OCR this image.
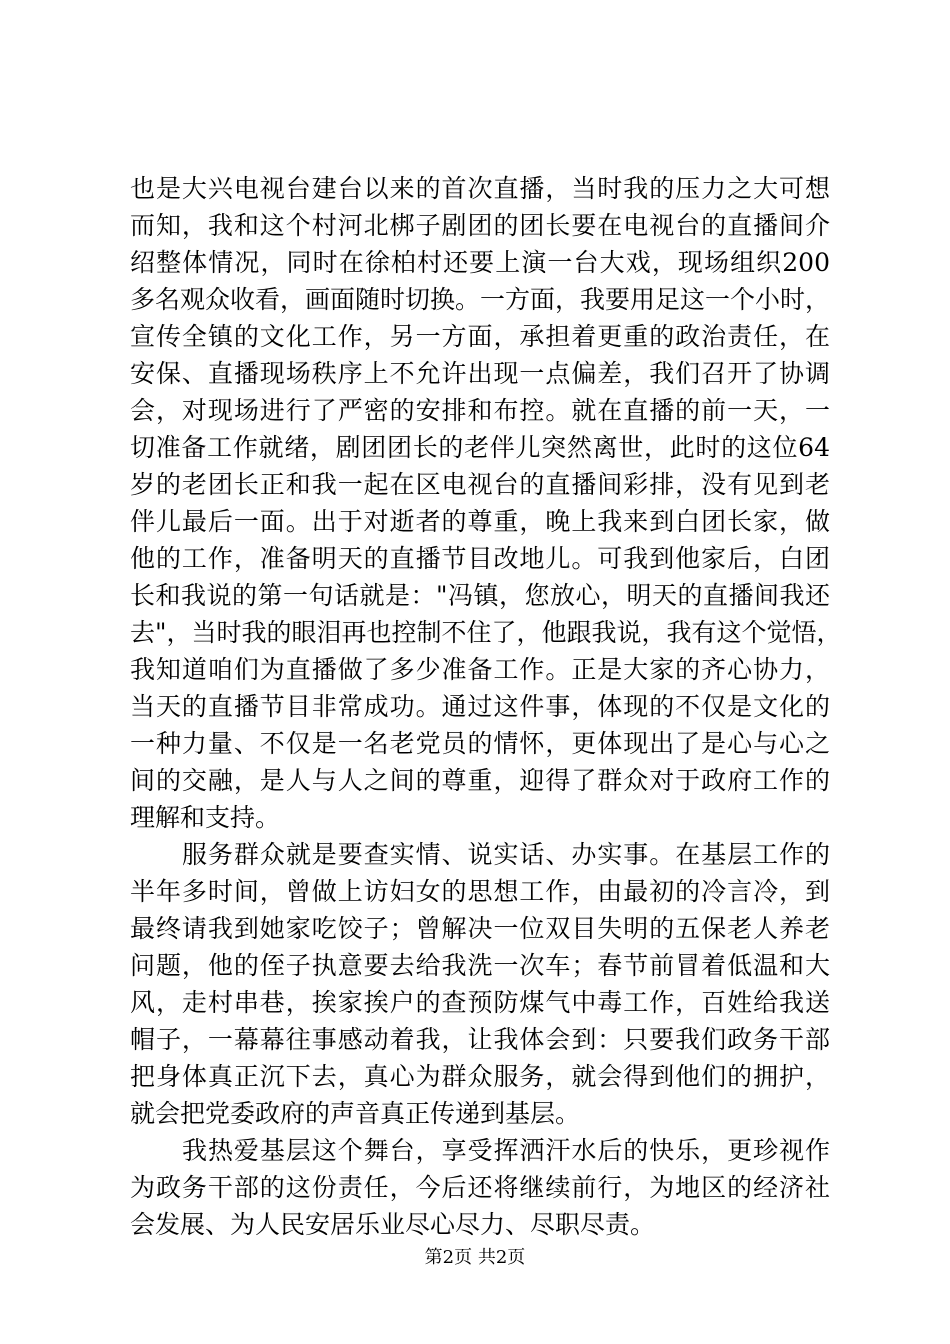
也是大兴电视台建台以来的首次直播，当时我的压力之大可想
而知，我和这个村河北梆子剧团的团长要在电视台的直播间介
绍整体情况，同时在徐柏村还要上演一台大戏，现场组织200
多名观众收看，画面随时切换。一方面，我要用足这一个小时，
宣传全镇的文化工作，另一方面，承担着更重的政治责任，在
安保、直播现场秩序上不允许出现一点偏差，我们召开了协调
会，对现场进行了严密的安排和布控。就在直播的前一天，一
切准备工作就绪，剧团团长的老伴儿突然离世，此时的这位64
岁的老团长正和我一起在区电视台的直播间彩排，没有见到老
伴儿最后一面。出于对逝者的尊重，晚上我来到白团长家，做
他的工作，准备明天的直播节目改地儿。可我到他家后，白团
长和我说的第一句话就是："冯镇，您放心，明天的直播间我还
去"，当时我的眼泪再也控制不住了，他跟我说，我有这个觉悟，
我知道咱们为直播做了多少准备工作。正是大家的齐心协力，
当天的直播节目非常成功。通过这件事，体现的不仅是文化的
一种力量、不仅是一名老党员的情怀，更体现出了是心与心之
间的交融，是人与人之间的尊重，迎得了群众对于政府工作的
理解和支持。
服务群众就是要查实情、说实话、办实事。在基层工作的
半年多时间，曾做上访妇女的思想工作，由最初的冷言冷，到
最终请我到她家吃饺子；曾解决一位双目失明的五保老人养老
问题，他的侄子执意要去给我洗一次车；春节前冒着低温和大
风，走村串巷，挨家挨户的查预防煤气中毒工作，百姓给我送
帽子，一幕幕往事感动着我，让我体会到：只要我们政务干部
把身体真正沉下去，真心为群众服务，就会得到他们的拥护，
就会把党委政府的声音真正传递到基层。
我热爱基层这个舞台，享受挥洒汗水后的快乐，更珍视作
为政务干部的这份责任，今后还将继续前行，为地区的经济社
会发展、为人民安居乐业尽心尽力、尽职尽责。
第2页 共2页
